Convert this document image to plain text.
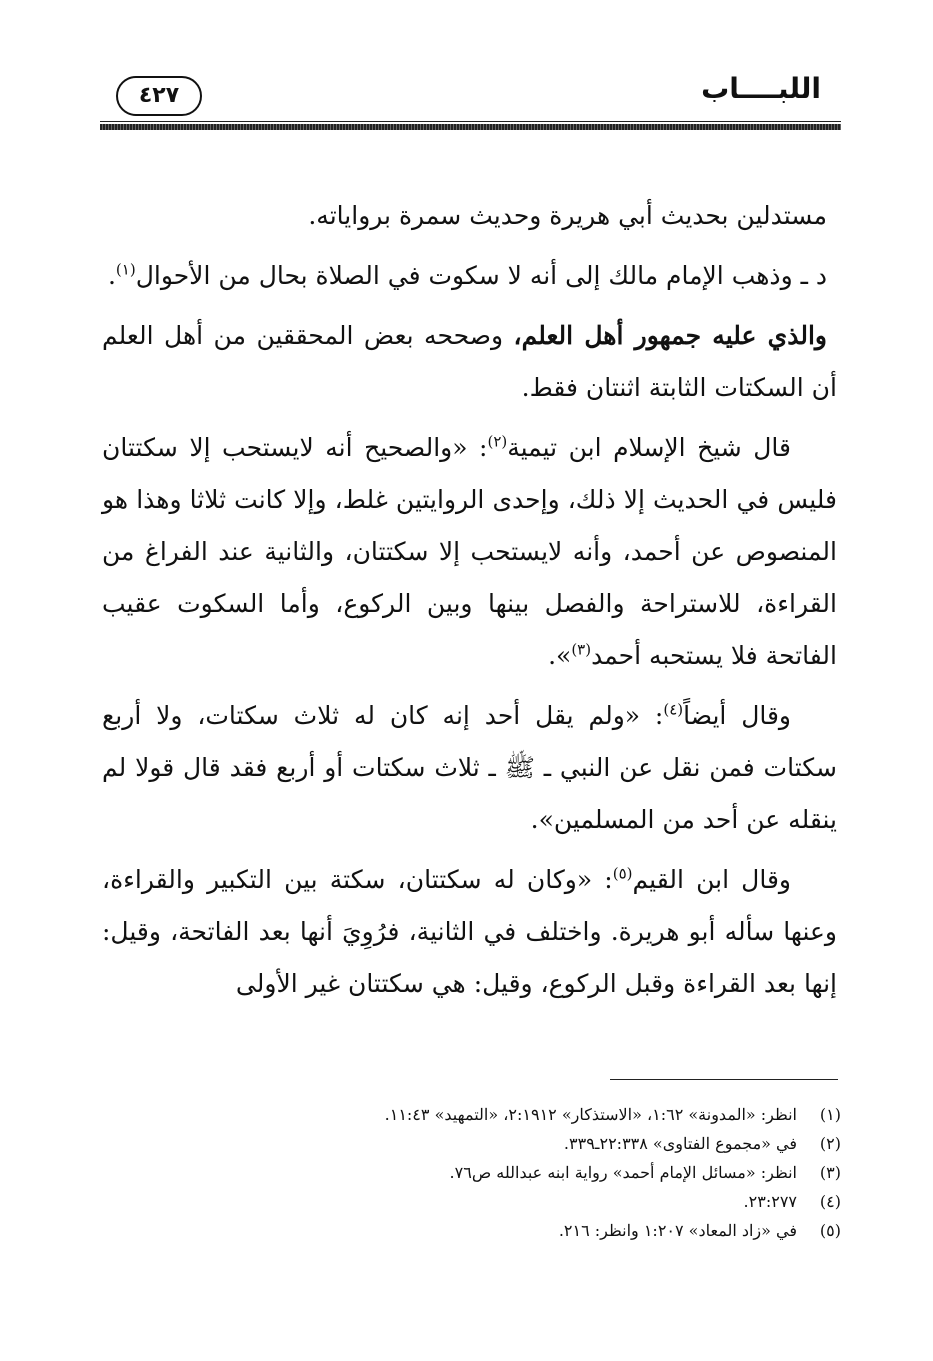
اللبــــاب
٤٢٧

مستدلين بحديث أبي هريرة وحديث سمرة برواياته.

د ـ وذهب الإمام مالك إلى أنه لا سكوت في الصلاة بحال من الأحوال$^{(١)}$.

والذي عليه جمهور أهل العلم، وصححه بعض المحققين من أهل العلم أن السكتات الثابتة اثنتان فقط.

قال شيخ الإسلام ابن تيمية$^{(٢)}$: «والصحيح أنه لايستحب إلا سكتتان فليس في الحديث إلا ذلك، وإحدى الروايتين غلط، وإلا كانت ثلاثا وهذا هو المنصوص عن أحمد، وأنه لايستحب إلا سكتتان، والثانية عند الفراغ من القراءة، للاستراحة والفصل بينها وبين الركوع، وأما السكوت عقيب الفاتحة فلا يستحبه أحمد$^{(٣)}$».

وقال أيضاً$^{(٤)}$: «ولم يقل أحد إنه كان له ثلاث سكتات، ولا أربع سكتات فمن نقل عن النبي ـ ﷺ ـ ثلاث سكتات أو أربع فقد قال قولا لم ينقله عن أحد من المسلمين».

وقال ابن القيم$^{(٥)}$: «وكان له سكتتان، سكتة بين التكبير والقراءة، وعنها سأله أبو هريرة. واختلف في الثانية، فرُوِيَ أنها بعد الفاتحة، وقيل: إنها بعد القراءة وقبل الركوع، وقيل: هي سكتتان غير الأولى

(١)
انظر: «المدونة» ١:٦٢، «الاستذكار» ٢:١٩١٢، «التمهيد» ١١:٤٣.
(٢)
في «مجموع الفتاوى» ٢٢:٣٣٨ـ٣٣٩.
(٣)
انظر: «مسائل الإمام أحمد» رواية ابنه عبدالله ص٧٦.
(٤)
٢٣:٢٧٧.
(٥)
في «زاد المعاد» ١:٢٠٧ وانظر: ٢١٦.
